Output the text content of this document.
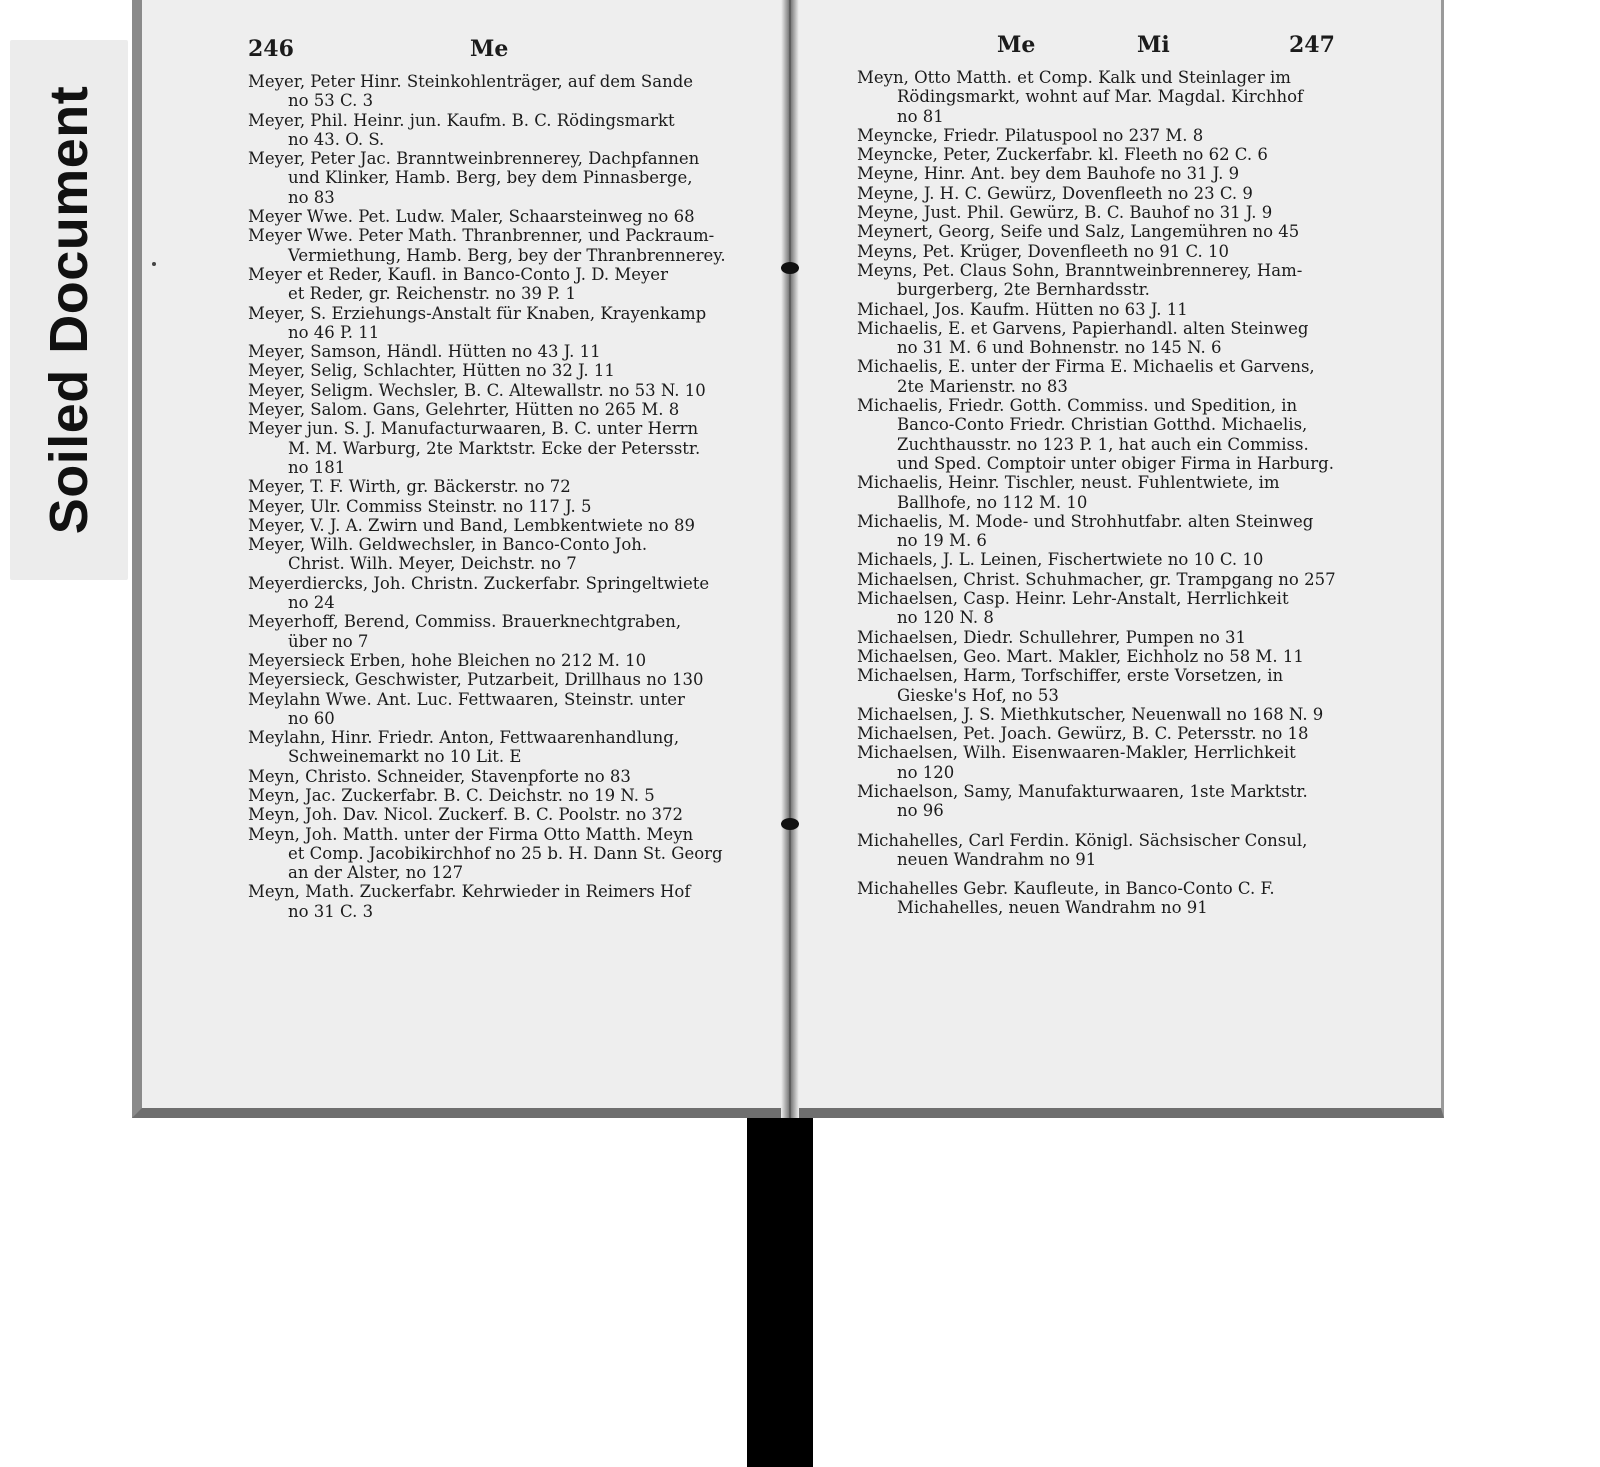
Soiled Document
246	Me
Meyer, Peter Hinr. Steinkohlenträger, auf dem Sande
no 53 C. 3
Meyer, Phil. Heinr. jun. Kaufm. B. C. Rödingsmarkt
no 43. O. S.
Meyer, Peter Jac. Branntweinbrennerey, Dachpfannen
und Klinker, Hamb. Berg, bey dem Pinnasberge,
no 83
Meyer Wwe. Pet. Ludw. Maler, Schaarsteinweg no 68
Meyer Wwe. Peter Math. Thranbrenner, und Packraum-
Vermiethung, Hamb. Berg, bey der Thranbrennerey.
Meyer et Reder, Kaufl. in Banco-Conto J. D. Meyer
et Reder, gr. Reichenstr. no 39 P. 1
Meyer, S. Erziehungs-Anstalt für Knaben, Krayenkamp
no 46 P. 11
Meyer, Samson, Händl. Hütten no 43 J. 11
Meyer, Selig, Schlachter, Hütten no 32 J. 11
Meyer, Seligm. Wechsler, B. C. Altewallstr. no 53 N. 10
Meyer, Salom. Gans, Gelehrter, Hütten no 265 M. 8
Meyer jun. S. J. Manufacturwaaren, B. C. unter Herrn
M. M. Warburg, 2te Marktstr. Ecke der Petersstr.
no 181
Meyer, T. F. Wirth, gr. Bäckerstr. no 72
Meyer, Ulr. Commiss Steinstr. no 117 J. 5
Meyer, V. J. A. Zwirn und Band, Lembkentwiete no 89
Meyer, Wilh. Geldwechsler, in Banco-Conto Joh.
Christ. Wilh. Meyer, Deichstr. no 7
Meyerdiercks, Joh. Christn. Zuckerfabr. Springeltwiete
no 24
Meyerhoff, Berend, Commiss. Brauerknechtgraben,
über no 7
Meyersieck Erben, hohe Bleichen no 212 M. 10
Meyersieck, Geschwister, Putzarbeit, Drillhaus no 130
Meylahn Wwe. Ant. Luc. Fettwaaren, Steinstr. unter
no 60
Meylahn, Hinr. Friedr. Anton, Fettwaarenhandlung,
Schweinemarkt no 10 Lit. E
Meyn, Christo. Schneider, Stavenpforte no 83
Meyn, Jac. Zuckerfabr. B. C. Deichstr. no 19 N. 5
Meyn, Joh. Dav. Nicol. Zuckerf. B. C. Poolstr. no 372
Meyn, Joh. Matth. unter der Firma Otto Matth. Meyn
et Comp. Jacobikirchhof no 25 b. H. Dann St. Georg
an der Alster, no 127
Meyn, Math. Zuckerfabr. Kehrwieder in Reimers Hof
no 31 C. 3
Me	Mi	247
Meyn, Otto Matth. et Comp. Kalk und Steinlager im
Rödingsmarkt, wohnt auf Mar. Magdal. Kirchhof
no 81
Meyncke, Friedr. Pilatuspool no 237 M. 8
Meyncke, Peter, Zuckerfabr. kl. Fleeth no 62 C. 6
Meyne, Hinr. Ant. bey dem Bauhofe no 31 J. 9
Meyne, J. H. C. Gewürz, Dovenfleeth no 23 C. 9
Meyne, Just. Phil. Gewürz, B. C. Bauhof no 31 J. 9
Meynert, Georg, Seife und Salz, Langemühren no 45
Meyns, Pet. Krüger, Dovenfleeth no 91 C. 10
Meyns, Pet. Claus Sohn, Branntweinbrennerey, Ham-
burgerberg, 2te Bernhardsstr.
Michael, Jos. Kaufm. Hütten no 63 J. 11
Michaelis, E. et Garvens, Papierhandl. alten Steinweg
no 31 M. 6 und Bohnenstr. no 145 N. 6
Michaelis, E. unter der Firma E. Michaelis et Garvens,
2te Marienstr. no 83
Michaelis, Friedr. Gotth. Commiss. und Spedition, in
Banco-Conto Friedr. Christian Gotthd. Michaelis,
Zuchthausstr. no 123 P. 1, hat auch ein Commiss.
und Sped. Comptoir unter obiger Firma in Harburg.
Michaelis, Heinr. Tischler, neust. Fuhlentwiete, im
Ballhofe, no 112 M. 10
Michaelis, M. Mode- und Strohhutfabr. alten Steinweg
no 19 M. 6
Michaels, J. L. Leinen, Fischertwiete no 10 C. 10
Michaelsen, Christ. Schuhmacher, gr. Trampgang no 257
Michaelsen, Casp. Heinr. Lehr-Anstalt, Herrlichkeit
no 120 N. 8
Michaelsen, Diedr. Schullehrer, Pumpen no 31
Michaelsen, Geo. Mart. Makler, Eichholz no 58 M. 11
Michaelsen, Harm, Torfschiffer, erste Vorsetzen, in
Gieske's Hof, no 53
Michaelsen, J. S. Miethkutscher, Neuenwall no 168 N. 9
Michaelsen, Pet. Joach. Gewürz, B. C. Petersstr. no 18
Michaelsen, Wilh. Eisenwaaren-Makler, Herrlichkeit
no 120
Michaelson, Samy, Manufakturwaaren, 1ste Marktstr.
no 96
Michahelles, Carl Ferdin. Königl. Sächsischer Consul,
neuen Wandrahm no 91
Michahelles Gebr. Kaufleute, in Banco-Conto C. F.
Michahelles, neuen Wandrahm no 91
